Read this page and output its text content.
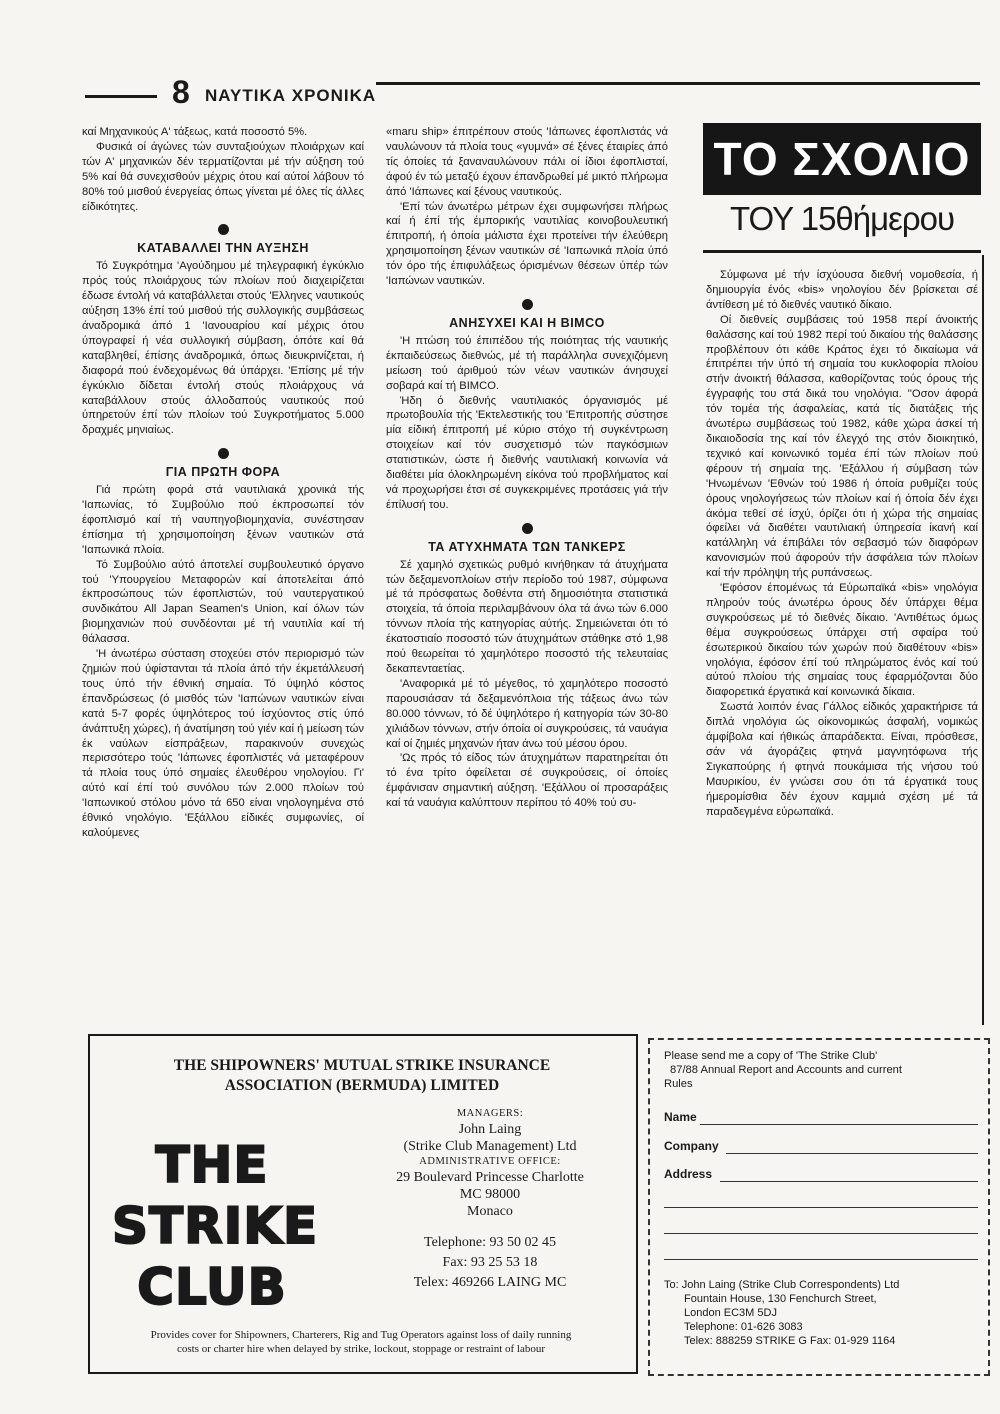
8 ΝΑΥΤΙΚΑ ΧΡΟΝΙΚΑ

καί Μηχανικούς Α' τάξεως, κατά ποσοστό 5%.

Φυσικά οί άγώνες τών συνταξιούχων πλοιάρχων καί τών Α' μηχανικών δέν τερματίζονται μέ τήν αύξηση τού 5% καί θά συνεχισθούν μέχρις ότου καί αύτοί λάβουν τό 80% τού μισθού ένεργείας όπως γίνεται μέ όλες τίς άλλες είδικότητες.

ΚΑΤΑΒΑΛΛΕΙ ΤΗΝ ΑΥΞΗΣΗ

Τό Συγκρότημα 'Αγούδημου μέ τηλεγραφική έγκύκλιο πρός τούς πλοιάρχους τών πλοίων πού διαχειρίζεται έδωσε έντολή νά καταβάλλεται στούς 'Ελληνες ναυτικούς αύξηση 13% έπί τού μισθού τής συλλογικής συμβάσεως άναδρομικά άπό 1 'Ιανουαρίου καί μέχρις ότου ύπογραφεί ή νέα συλλογική σύμβαση, όπότε καί θά καταβληθεί, έπίσης άναδρομικά, όπως διευκρινίζεται, ή διαφορά πού ένδεχομένως θά ύπάρχει. 'Επίσης μέ τήν έγκύκλιο δίδεται έντολή στούς πλοιάρχους νά καταβάλλουν στούς άλλοδαπούς ναυτικούς πού ύπηρετούν έπί τών πλοίων τού Συγκροτήματος 5.000 δραχμές μηνιαίως.

ΓΙΑ ΠΡΩΤΗ ΦΟΡΑ

Γιά πρώτη φορά στά ναυτιλιακά χρονικά τής 'Ιαπωνίας, τό Συμβούλιο πού έκπροσωπεί τόν έφοπλισμό καί τή ναυπηγοβιομηχανία, συνέστησαν έπίσημα τή χρησιμοποίηση ξένων ναυτικών στά 'Ιαπωνικά πλοία.

Τό Συμβούλιο αύτό άποτελεί συμβουλευτικό όργανο τού 'Υπουργείου Μεταφορών καί άποτελείται άπό έκπροσώπους τών έφοπλιστών, τού ναυτεργατικού συνδικάτου All Japan Seamen's Union, καί όλων τών βιομηχανιών πού συνδέονται μέ τή ναυτιλία καί τή θάλασσα.

'Η άνωτέρω σύσταση στοχεύει στόν περιορισμό τών ζημιών πού ύφίστανται τά πλοία άπό τήν έκμετάλλευσή τους ύπό τήν έθνική σημαία. Τό ύψηλό κόστος έπανδρώσεως (ό μισθός τών 'Ιαπώνων ναυτικών είναι κατά 5-7 φορές ύψηλότερος τού ίσχύοντος στίς ύπό άνάπτυξη χώρες), ή άνατίμηση τού γιέν καί ή μείωση τών έκ ναύλων είσπράξεων, παρακινούν συνεχώς περισσότερο τούς 'Ιάπωνες έφοπλιστές νά μεταφέρουν τά πλοία τους ύπό σημαίες έλευθέρου νηολογίου. Γι' αύτό καί έπί τού συνόλου τών 2.000 πλοίων τού 'Ιαπωνικού στόλου μόνο τά 650 είναι νηολογημένα στό έθνικό νηολόγιο. 'Εξάλλου είδικές συμφωνίες, οί καλούμενες

«maru ship» έπιτρέπουν στούς 'Ιάπωνες έφοπλιστάς νά ναυλώνουν τά πλοία τους «γυμνά» σέ ξένες έταιρίες άπό τίς όποίες τά ξαναναυλώνουν πάλι οί ίδιοι έφοπλισταί, άφού έν τώ μεταξύ έχουν έπανδρωθεί μέ μικτό πλήρωμα άπό 'Ιάπωνες καί ξένους ναυτικούς.

'Επί τών άνωτέρω μέτρων έχει συμφωνήσει πλήρως καί ή έπί τής έμπορικής ναυτιλίας κοινοβουλευτική έπιτροπή, ή όποία μάλιστα έχει προτείνει τήν έλεύθερη χρησιμοποίηση ξένων ναυτικών σέ 'Ιαπωνικά πλοία ύπό τόν όρο τής έπιφυλάξεως όρισμένων θέσεων ύπέρ τών 'Ιαπώνων ναυτικών.

ΑΝΗΣΥΧΕΙ ΚΑΙ Η BIMCO

'Η πτώση τού έπιπέδου τής ποιότητας τής ναυτικής έκπαιδεύσεως διεθνώς, μέ τή παράλληλα συνεχιζόμενη μείωση τού άριθμού τών νέων ναυτικών άνησυχεί σοβαρά καί τή BIMCO.

Ήδη ό διεθνής ναυτιλιακός όργανισμός μέ πρωτοβουλία τής 'Εκτελεστικής του 'Επιτροπής σύστησε μία είδική έπιτροπή μέ κύριο στόχο τή συγκέντρωση στοιχείων καί τόν συσχετισμό τών παγκόσμιων στατιστικών, ώστε ή διεθνής ναυτιλιακή κοινωνία νά διαθέτει μία όλοκληρωμένη είκόνα τού προβλήματος καί νά προχωρήσει έτσι σέ συγκεκριμένες προτάσεις γιά τήν έπίλυσή του.

ΤΑ ΑΤΥΧΗΜΑΤΑ ΤΩΝ ΤΑΝΚΕΡΣ

Σέ χαμηλό σχετικώς ρυθμό κινήθηκαν τά άτυχήματα τών δεξαμενοπλοίων στήν περίοδο τού 1987, σύμφωνα μέ τά πρόσφατως δοθέντα στή δημοσιότητα στατιστικά στοιχεία, τά όποία περιλαμβάνουν όλα τά άνω τών 6.000 τόννων πλοία τής κατηγορίας αύτής. Σημειώνεται ότι τό έκατοστιαίο ποσοστό τών άτυχημάτων στάθηκε στό 1,98 πού θεωρείται τό χαμηλότερο ποσοστό τής τελευταίας δεκαπενταετίας.

'Αναφορικά μέ τό μέγεθος, τό χαμηλότερο ποσοστό παρουσιάσαν τά δεξαμενόπλοια τής τάξεως άνω τών 80.000 τόννων, τό δέ ύψηλότερο ή κατηγορία τών 30-80 χιλιάδων τόννων, στήν όποία οί συγκρούσεις, τά ναυάγια καί οί ζημιές μηχανών ήταν άνω τού μέσου όρου.

'Ως πρός τό είδος τών άτυχημάτων παρατηρείται ότι τό ένα τρίτο όφείλεται σέ συγκρούσεις, οί όποίες έμφάνισαν σημαντική αύξηση. 'Εξάλλου οί προσαράξεις καί τά ναυάγια καλύπτουν περίπου τό 40% τού συ-

ΤΟ ΣΧΟΛΙΟ
ΤΟΥ 15θήμερου

Σύμφωνα μέ τήν ίσχύουσα διεθνή νομοθεσία, ή δημιουργία ένός «bis» νηολογίου δέν βρίσκεται σέ άντίθεση μέ τό διεθνές ναυτικό δίκαιο.

Οί διεθνείς συμβάσεις τού 1958 περί άνοικτής θαλάσσης καί τού 1982 περί τού δικαίου τής θαλάσσης προβλέπουν ότι κάθε Κράτος έχει τό δικαίωμα νά έπιτρέπει τήν ύπό τή σημαία του κυκλοφορία πλοίου στήν άνοικτή θάλασσα, καθορίζοντας τούς όρους τής έγγραφής του στά δικά του νηολόγια. ''Οσον άφορά τόν τομέα τής άσφαλείας, κατά τίς διατάξεις τής άνωτέρω συμβάσεως τού 1982, κάθε χώρα άσκεί τή δικαιοδοσία της καί τόν έλεγχό της στόν διοικητικό, τεχνικό καί κοινωνικό τομέα έπί τών πλοίων πού φέρουν τή σημαία της. 'Εξάλλου ή σύμβαση τών 'Ηνωμένων 'Εθνών τού 1986 ή όποία ρυθμίζει τούς όρους νηολογήσεως τών πλοίων καί ή όποία δέν έχει άκόμα τεθεί σέ ίσχύ, όρίζει ότι ή χώρα τής σημαίας όφείλει νά διαθέτει ναυτιλιακή ύπηρεσία ίκανή καί κατάλληλη νά έπιβάλει τόν σεβασμό τών διαφόρων κανονισμών πού άφορούν τήν άσφάλεια τών πλοίων καί τήν πρόληψη τής ρυπάνσεως.

'Εφόσον έπομένως τά Εύρωπαϊκά «bis» νηολόγια πληρούν τούς άνωτέρω όρους δέν ύπάρχει θέμα συγκρούσεως μέ τό διεθνές δίκαιο. 'Αντιθέτως όμως θέμα συγκρούσεως ύπάρχει στή σφαίρα τού έσωτερικού δικαίου τών χωρών πού διαθέτουν «bis» νηολόγια, έφόσον έπί τού πληρώματος ένός καί τού αύτού πλοίου τής σημαίας τους έφαρμόζονται δύο διαφορετικά έργατικά καί κοινωνικά δίκαια.

Σωστά λοιπόν ένας Γάλλος είδικός χαρακτήρισε τά διπλά νηολόγια ώς οίκονομικώς άσφαλή, νομικώς άμφίβολα καί ήθικώς άπαράδεκτα. Είναι, πρόσθεσε, σάν νά άγοράζεις φτηνά μαγνητόφωνα τής Σιγκαπούρης ή φτηνά πουκάμισα τής νήσου τού Μαυρικίου, έν γνώσει σου ότι τά έργατικά τους ήμερομίσθια δέν έχουν καμμιά σχέση μέ τά παραδεγμένα εύρωπαϊκά.

THE SHIPOWNERS' MUTUAL STRIKE INSURANCE
ASSOCIATION (BERMUDA) LIMITED
THE
STRIKE
CLUB
MANAGERS:
John Laing
(Strike Club Management) Ltd
ADMINISTRATIVE OFFICE:
29 Boulevard Princesse Charlotte
MC 98000
Monaco
Telephone: 93 50 02 45
Fax: 93 25 53 18
Telex: 469266 LAING MC
Provides cover for Shipowners, Charterers, Rig and Tug Operators against loss of daily running
costs or charter hire when delayed by strike, lockout, stoppage or restraint of labour
Please send me a copy of 'The Strike Club'
87/88 Annual Report and Accounts and current
Rules
Name
Company
Address
To: John Laing (Strike Club Correspondents) Ltd
Fountain House, 130 Fenchurch Street,
London EC3M 5DJ
Telephone: 01-626 3083
Telex: 888259 STRIKE G Fax: 01-929 1164
